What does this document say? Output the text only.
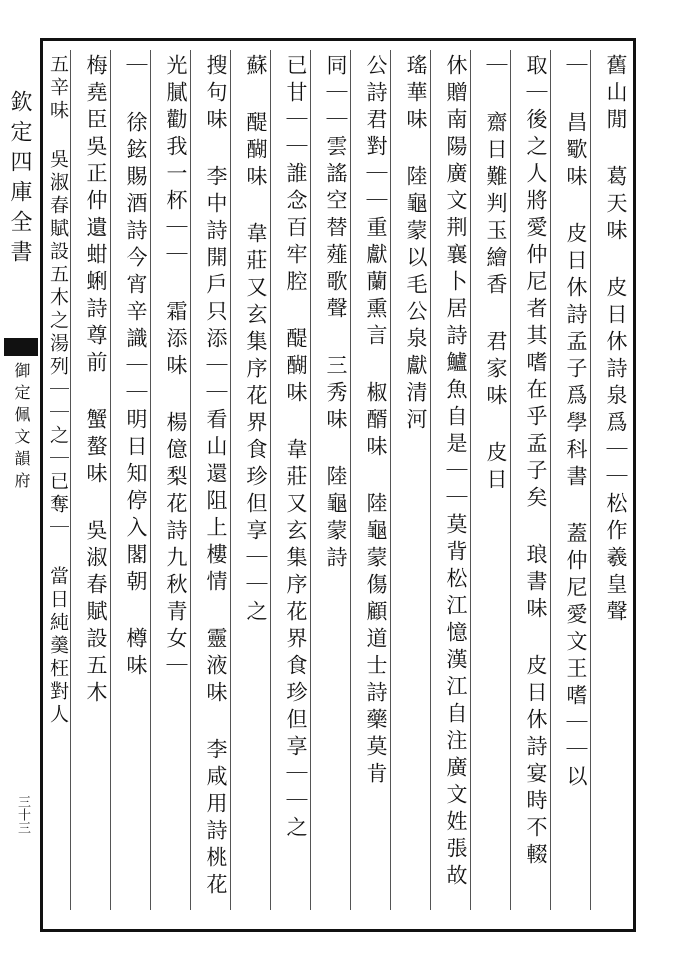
欽定四庫全書
御定佩文韻府
三十三
舊山閒 葛天味 皮日休詩泉爲｜｜松作羲皇聲
｜ 昌歜味 皮日休詩孟子爲學科書 蓋仲尼愛文王嗜｜｜以
取｜後之人將愛仲尼者其嗜在乎孟子矣 琅書味 皮日休詩宴時不輟
｜ 齋日難判玉繪香 君家味 皮日
休贈南陽廣文荆襄卜居詩鱸魚自是｜｜莫背松江憶漢江自注廣文姓張故
瑤華味 陸龜蒙以毛公泉獻清河
公詩君對｜｜重獻蘭熏言 椒醑味 陸龜蒙傷顧道士詩藥莫肯
同｜｜雲謠空替薤歌聲 三秀味 陸龜蒙詩
已甘｜｜誰念百牢腔 醍醐味 韋莊又玄集序花界食珍但享｜｜之
蘇 醍醐味 韋莊又玄集序花界食珍但享｜｜之
搜句味 李中詩開戶只添｜｜看山還阻上樓情 靈液味 李咸用詩桃花
光膩勸我一杯｜｜ 霜添味 楊億梨花詩九秋青女｜
｜ 徐鉉賜酒詩今宵辛識｜｜明日知停入閣朝 樽味
梅堯臣吳正仲遺蚶蜊詩尊前 蟹螯味 吳淑春賦設五木
五辛味 吳淑春賦設五木之湯列｜｜之｜已奪｜ 當日純羹枉對人
